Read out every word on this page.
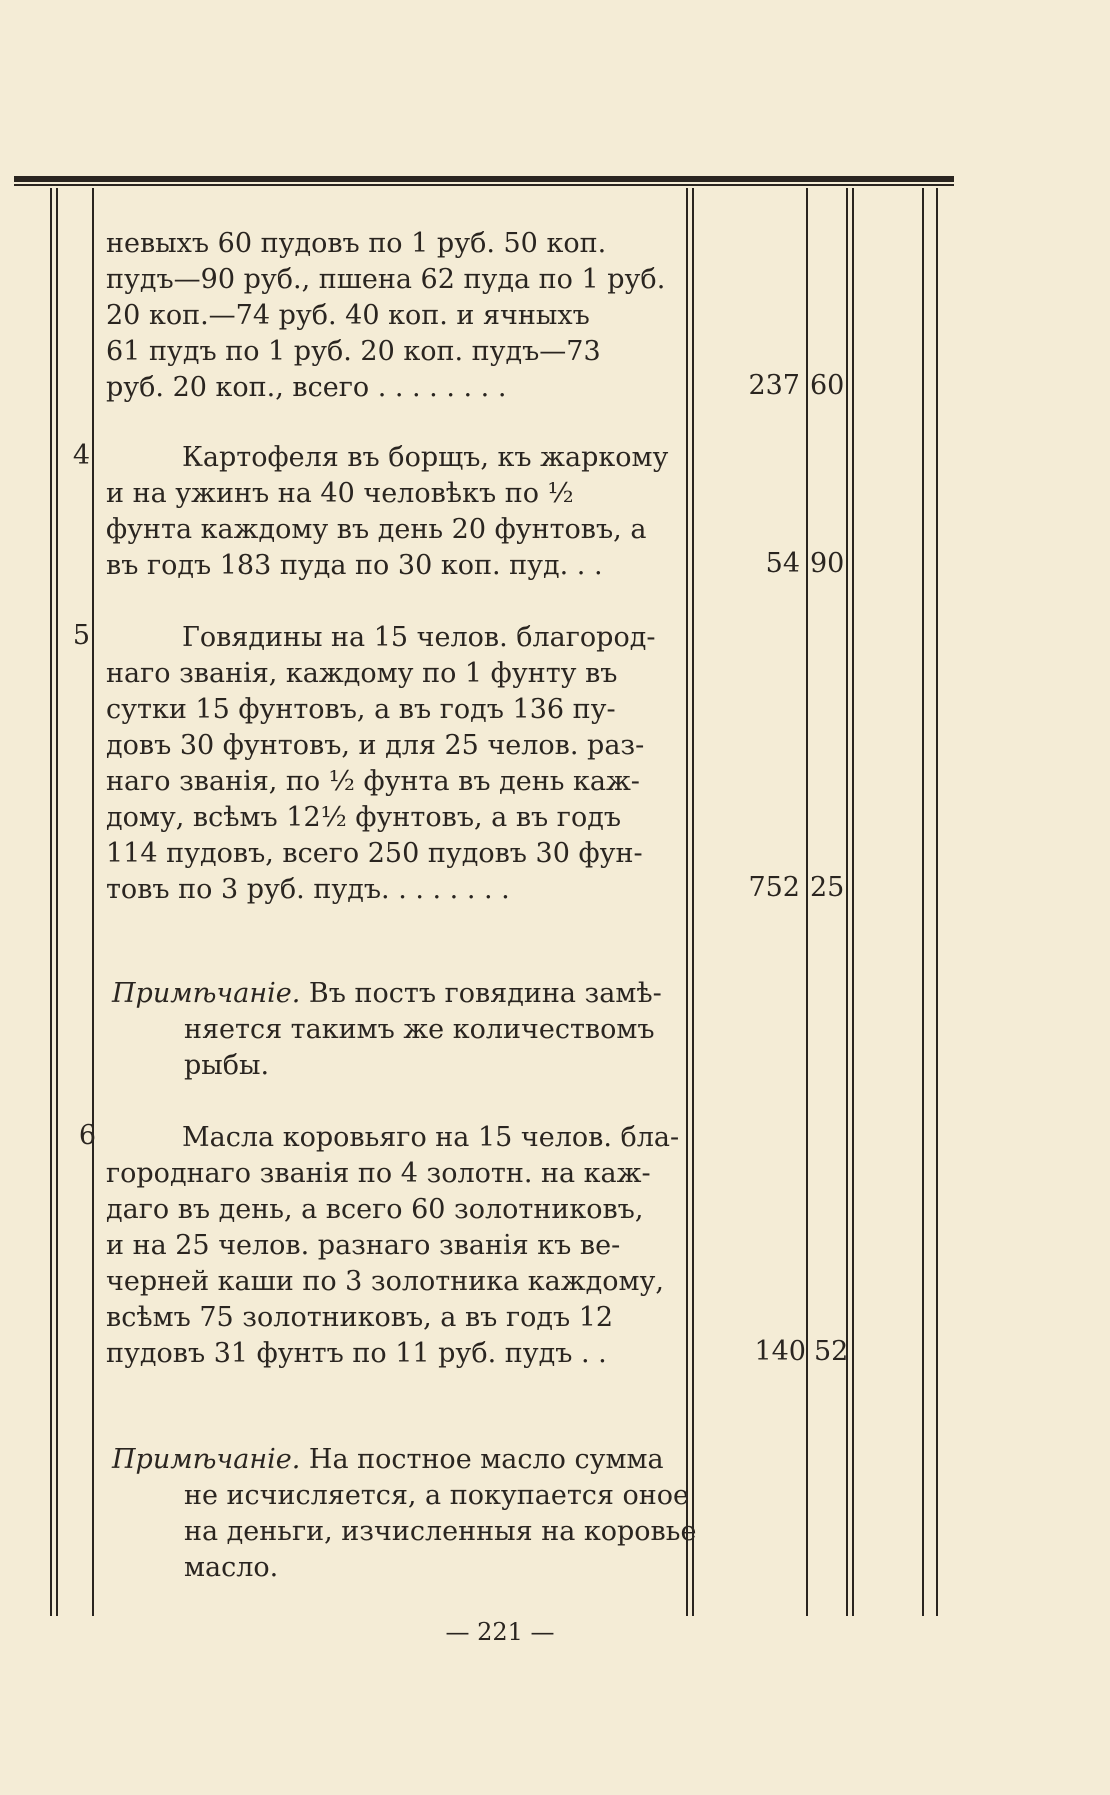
невыхъ 60 пудовъ по 1 руб. 50 коп.
пудъ—90 руб., пшена 62 пуда по 1 руб.
20 коп.—74 руб. 40 коп. и ячныхъ
61 пудъ по 1 руб. 20 коп. пудъ—73
руб. 20 коп., всего . . . . . . . .	237 60
4	Картофеля въ борщъ, къ жаркому
и на ужинъ на 40 человѣкъ по ½
фунта каждому въ день 20 фунтовъ, а
въ годъ 183 пуда по 30 коп. пуд. . .	54 90
5	Говядины на 15 челов. благород-
наго званія, каждому по 1 фунту въ
сутки 15 фунтовъ, а въ годъ 136 пу-
довъ 30 фунтовъ, и для 25 челов. раз-
наго званія, по ½ фунта въ день каж-
дому, всѣмъ 12½ фунтовъ, а въ годъ
114 пудовъ, всего 250 пудовъ 30 фун-
товъ по 3 руб. пудъ. . . . . . . .	752 25
Примѣчаніе.
Въ постъ говядина замѣ-
няется такимъ же количествомъ
рыбы.
6	Масла коровьяго на 15 челов. бла-
городнаго званія по 4 золотн. на каж-
даго въ день, а всего 60 золотниковъ,
и на 25 челов. разнаго званія къ ве-
черней каши по 3 золотника каждому,
всѣмъ 75 золотниковъ, а въ годъ 12
пудовъ 31 фунтъ по 11 руб. пудъ . .	140 52
Примѣчаніе.
На постное масло сумма
не исчисляется, а покупается оное
на деньги, изчисленныя на коровье
масло.
— 221 —
